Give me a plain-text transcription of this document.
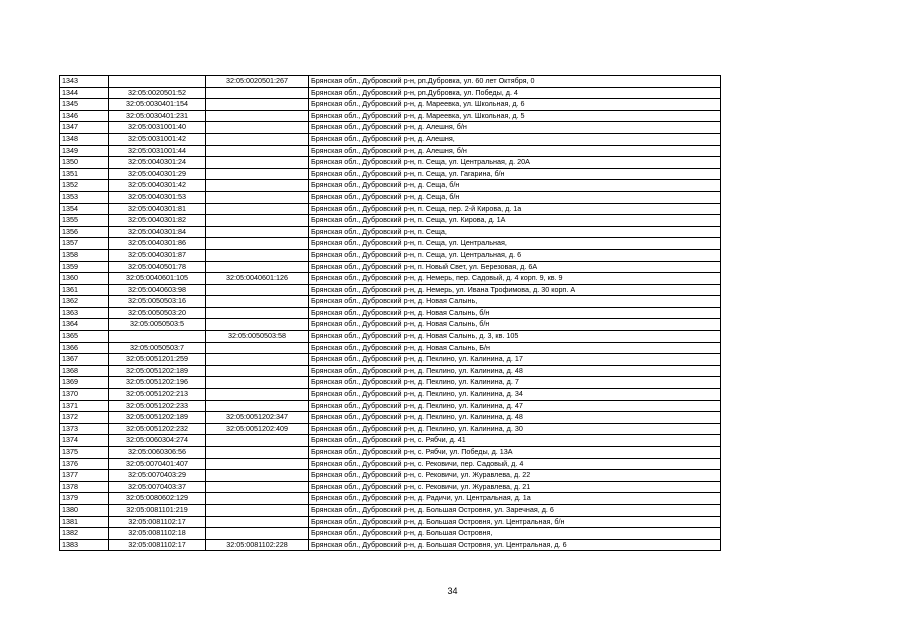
1343		32:05:0020501:267	Брянская обл., Дубровский р-н, рп.Дубровка, ул. 60 лет Октября, 0
1344	32:05:0020501:52		Брянская обл., Дубровский р-н, рп.Дубровка, ул. Победы, д. 4
1345	32:05:0030401:154		Брянская обл., Дубровский р-н, д. Мареевка, ул. Школьная, д. 6
1346	32:05:0030401:231		Брянская обл., Дубровский р-н, д. Мареевка, ул. Школьная, д. 5
1347	32:05:0031001:40		Брянская обл., Дубровский р-н, д. Алешня, б/н
1348	32:05:0031001:42		Брянская обл., Дубровский р-н, д. Алешня,
1349	32:05:0031001:44		Брянская обл., Дубровский р-н, д. Алешня, б/н
1350	32:05:0040301:24		Брянская обл., Дубровский р-н, п. Сеща, ул. Центральная, д. 20А
1351	32:05:0040301:29		Брянская обл., Дубровский р-н, п. Сеща, ул. Гагарина, б/н
1352	32:05:0040301:42		Брянская обл., Дубровский р-н, д. Сеща, б/н
1353	32:05:0040301:53		Брянская обл., Дубровский р-н, д. Сеща, б/н
1354	32:05:0040301:81		Брянская обл., Дубровский р-н, п. Сеща, пер. 2-й Кирова, д. 1а
1355	32:05:0040301:82		Брянская обл., Дубровский р-н, п. Сеща, ул. Кирова, д. 1А
1356	32:05:0040301:84		Брянская обл., Дубровский р-н, п. Сеща,
1357	32:05:0040301:86		Брянская обл., Дубровский р-н, п. Сеща, ул. Центральная,
1358	32:05:0040301:87		Брянская обл., Дубровский р-н, п. Сеща, ул. Центральная, д. 6
1359	32:05:0040501:78		Брянская обл., Дубровский р-н, п. Новый Свет, ул. Березовая, д. 6А
1360	32:05:0040601:105	32:05:0040601:126	Брянская обл., Дубровский р-н, д. Немерь, пер. Садовый, д. 4 корп. 9, кв. 9
1361	32:05:0040603:98		Брянская обл., Дубровский р-н, д. Немерь, ул. Ивана Трофимова, д. 30 корп. А
1362	32:05:0050503:16		Брянская обл., Дубровский р-н, д. Новая Салынь,
1363	32:05:0050503:20		Брянская обл., Дубровский р-н, д. Новая Салынь, б/н
1364	32:05:0050503:5		Брянская обл., Дубровский р-н, д. Новая Салынь, б/н
1365		32:05:0050503:58	Брянская обл., Дубровский р-н, д. Новая Салынь, д. 3, кв. 105
1366	32:05:0050503:7		Брянская обл., Дубровский р-н, д. Новая Салынь, Б/н
1367	32:05:0051201:259		Брянская обл., Дубровский р-н, д. Пеклино, ул. Калинина, д. 17
1368	32:05:0051202:189		Брянская обл., Дубровский р-н, д. Пеклино, ул. Калинина, д. 48
1369	32:05:0051202:196		Брянская обл., Дубровский р-н, д. Пеклино, ул. Калинина, д. 7
1370	32:05:0051202:213		Брянская обл., Дубровский р-н, д. Пеклино, ул. Калинина, д. 34
1371	32:05:0051202:233		Брянская обл., Дубровский р-н, д. Пеклино, ул. Калинина, д. 47
1372	32:05:0051202:189	32:05:0051202:347	Брянская обл., Дубровский р-н, д. Пеклино, ул. Калинина, д. 48
1373	32:05:0051202:232	32:05:0051202:409	Брянская обл., Дубровский р-н, д. Пеклино, ул. Калинина, д. 30
1374	32:05:0060304:274		Брянская обл., Дубровский р-н, с. Рябчи, д. 41
1375	32:05:0060306:56		Брянская обл., Дубровский р-н, с. Рябчи, ул. Победы, д. 13А
1376	32:05:0070401:407		Брянская обл., Дубровский р-н, с. Рековичи, пер. Садовый, д. 4
1377	32:05:0070403:29		Брянская обл., Дубровский р-н, с. Рековичи, ул. Журавлева, д. 22
1378	32:05:0070403:37		Брянская обл., Дубровский р-н, с. Рековичи, ул. Журавлева, д. 21
1379	32:05:0080602:129		Брянская обл., Дубровский р-н, д. Радичи, ул. Центральная, д. 1а
1380	32:05:0081101:219		Брянская обл., Дубровский р-н, д. Большая Островня, ул. Заречная, д. 6
1381	32:05:0081102:17		Брянская обл., Дубровский р-н, д. Большая Островня, ул. Центральная, б/н
1382	32:05:0081102:18		Брянская обл., Дубровский р-н, д. Большая Островня,
1383	32:05:0081102:17	32:05:0081102:228	Брянская обл., Дубровский р-н, д. Большая Островня, ул. Центральная, д. 6
34
